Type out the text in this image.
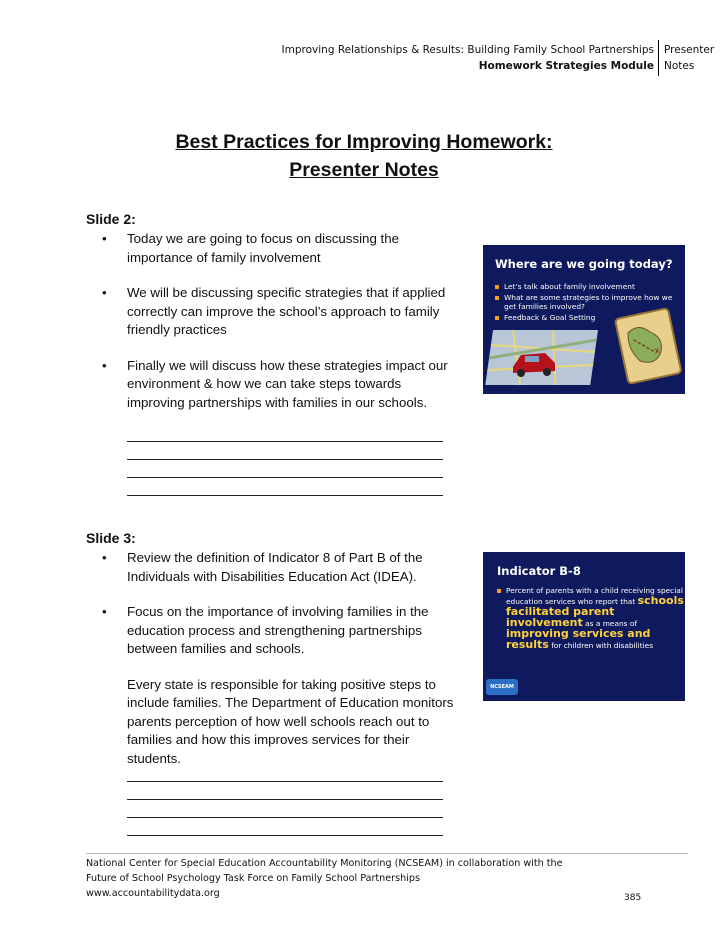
Improving Relationships & Results: Building Family School Partnerships
Homework Strategies Module
Presenter
Notes
Best Practices for Improving Homework:
Presenter Notes
Slide 2:
• Today we are going to focus on discussing the importance of family involvement
• We will be discussing specific strategies that if applied correctly can improve the school’s approach to family friendly practices
• Finally we will discuss how these strategies impact our environment & how we can take steps towards improving partnerships with families in our schools.
Where are we going today?
Let’s talk about family involvement
What are some strategies to improve how we get families involved?
Feedback & Goal Setting
x
Slide 3:
• Review the definition of Indicator 8 of Part B of the Individuals with Disabilities Education Act (IDEA).
• Focus on the importance of involving families in the education process and strengthening partnerships between families and schools.
Every state is responsible for taking positive steps to include families. The Department of Education monitors parents perception of how well schools reach out to families and how this improves services for their students.
Indicator B-8
Percent of parents with a child receiving special education services who report that schools facilitated parent involvement as a means of improving services and results for children with disabilities
NCSEAM
National Center for Special Education Accountability Monitoring (NCSEAM) in collaboration with the
Future of School Psychology Task Force on Family School Partnerships
www.accountabilitydata.org	385
